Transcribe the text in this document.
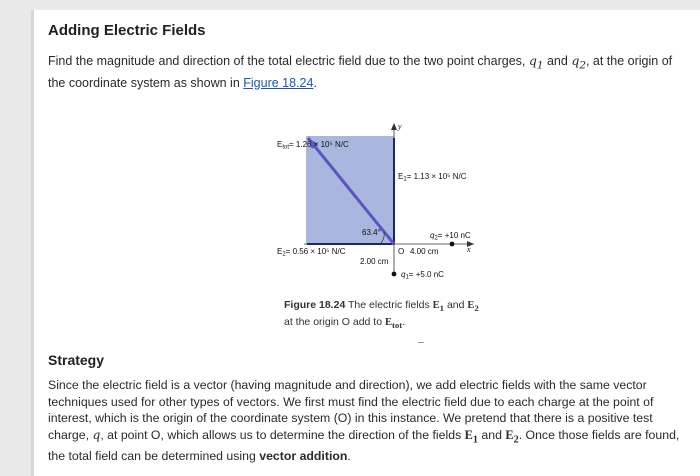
Adding Electric Fields
Find the magnitude and direction of the total electric field due to the two point charges, $q_1$ and $q_2$, at the origin of the coordinate system as shown in Figure 18.24.
Etot= 1.26 × 10⁵ N/C
y
E1= 1.13 × 10⁵ N/C
63.4°	q2= +10 nC
x
E2= 0.56 × 10⁵ N/C	O 4.00 cm
2.00 cm
q1= +5.0 nC
Figure 18.24 The electric fields $E_1$ and $E_2$ at the origin O add to $E_{tot}$.
Strategy
Since the electric field is a vector (having magnitude and direction), we add electric fields with the same vector techniques used for other types of vectors. We first must find the electric field due to each charge at the point of interest, which is the origin of the coordinate system (O) in this instance. We pretend that there is a positive test charge, q, at point O, which allows us to determine the direction of the fields $E_1$ and $E_2$. Once those fields are found, the total field can be determined using vector addition.
